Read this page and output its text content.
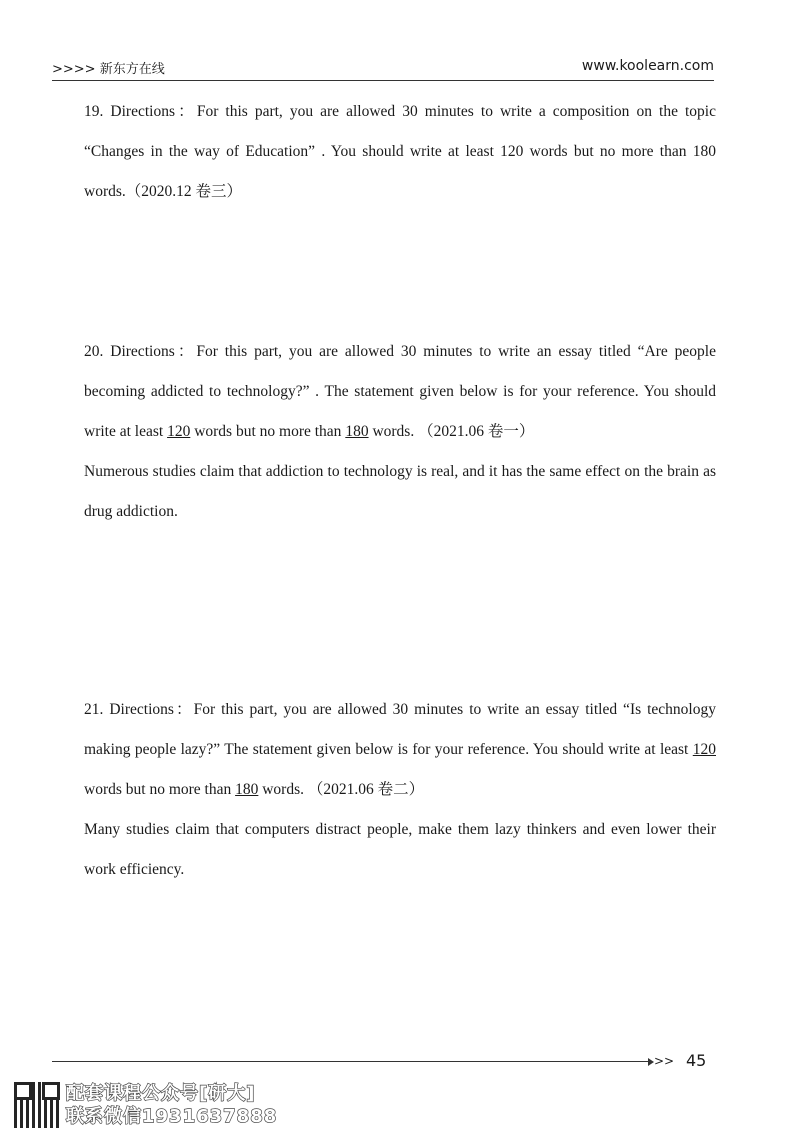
>>>> 新东方在线	www.koolearn.com

19. Directions：For this part, you are allowed 30 minutes to write a composition on the topic “Changes in the way of Education” . You should write at least 120 words but no more than 180 words.（2020.12 卷三）

20. Directions：For this part, you are allowed 30 minutes to write an essay titled “Are people becoming addicted to technology?” . The statement given below is for your reference. You should write at least 120 words but no more than 180 words. （2021.06 卷一）

Numerous studies claim that addiction to technology is real, and it has the same effect on the brain as drug addiction.

21. Directions：For this part, you are allowed 30 minutes to write an essay titled “Is technology making people lazy?” The statement given below is for your reference. You should write at least 120 words but no more than 180 words. （2021.06 卷二）

Many studies claim that computers distract people, make them lazy thinkers and even lower their work efficiency.

>> 45
配套课程公众号[研大]
联系微信1931637888
